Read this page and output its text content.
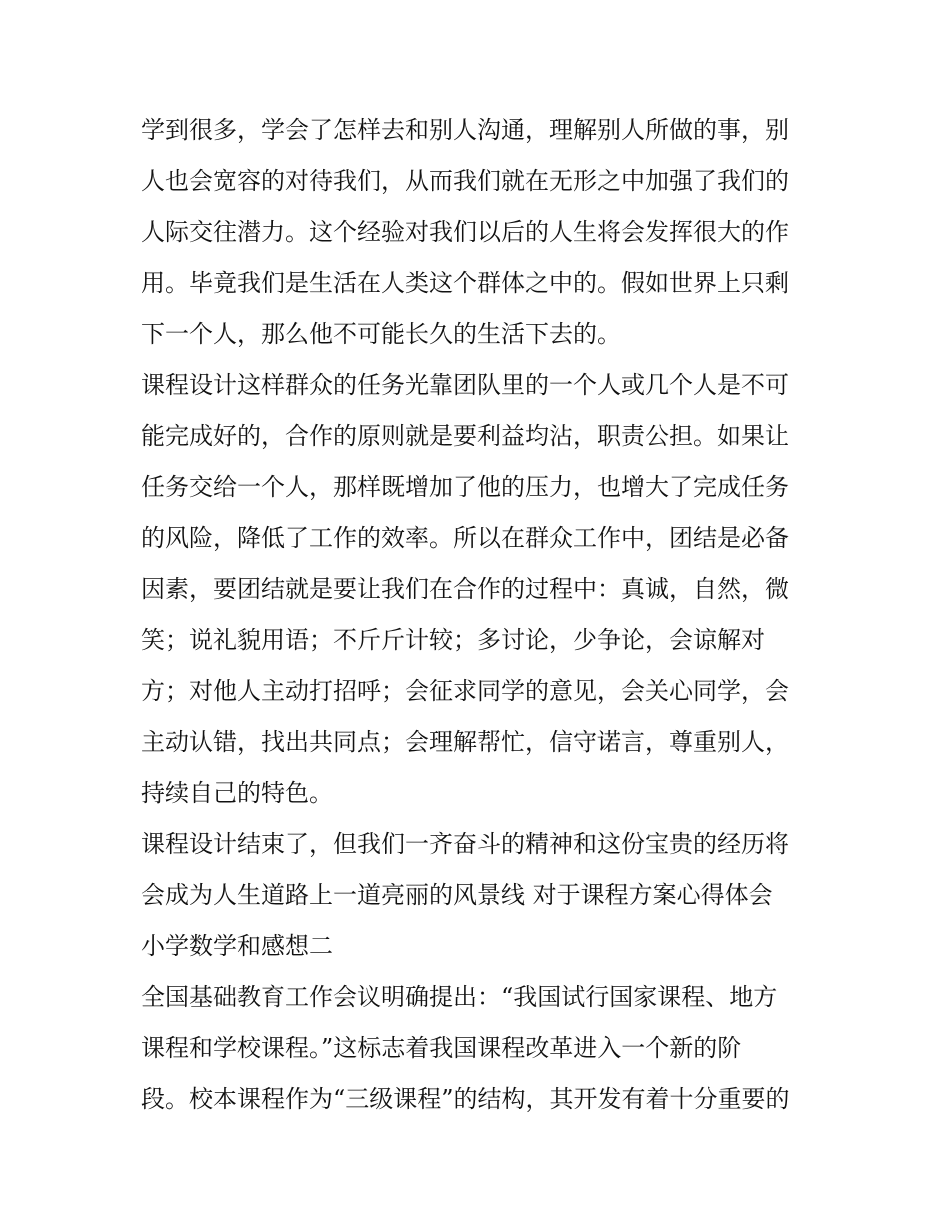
学到很多，学会了怎样去和别人沟通，理解别人所做的事，别
人也会宽容的对待我们，从而我们就在无形之中加强了我们的
人际交往潜力。这个经验对我们以后的人生将会发挥很大的作
用。毕竟我们是生活在人类这个群体之中的。假如世界上只剩
下一个人，那么他不可能长久的生活下去的。
课程设计这样群众的任务光靠团队里的一个人或几个人是不可
能完成好的，合作的原则就是要利益均沾，职责公担。如果让
任务交给一个人，那样既增加了他的压力，也增大了完成任务
的风险，降低了工作的效率。所以在群众工作中，团结是必备
因素，要团结就是要让我们在合作的过程中：真诚，自然，微
笑；说礼貌用语；不斤斤计较；多讨论，少争论，会谅解对
方；对他人主动打招呼；会征求同学的意见，会关心同学，会
主动认错，找出共同点；会理解帮忙，信守诺言，尊重别人，
持续自己的特色。
课程设计结束了，但我们一齐奋斗的精神和这份宝贵的经历将
会成为人生道路上一道亮丽的风景线 对于课程方案心得体会
小学数学和感想二
全国基础教育工作会议明确提出：“我国试行国家课程、地方
课程和学校课程。”这标志着我国课程改革进入一个新的阶
段。校本课程作为“三级课程”的结构，其开发有着十分重要的
